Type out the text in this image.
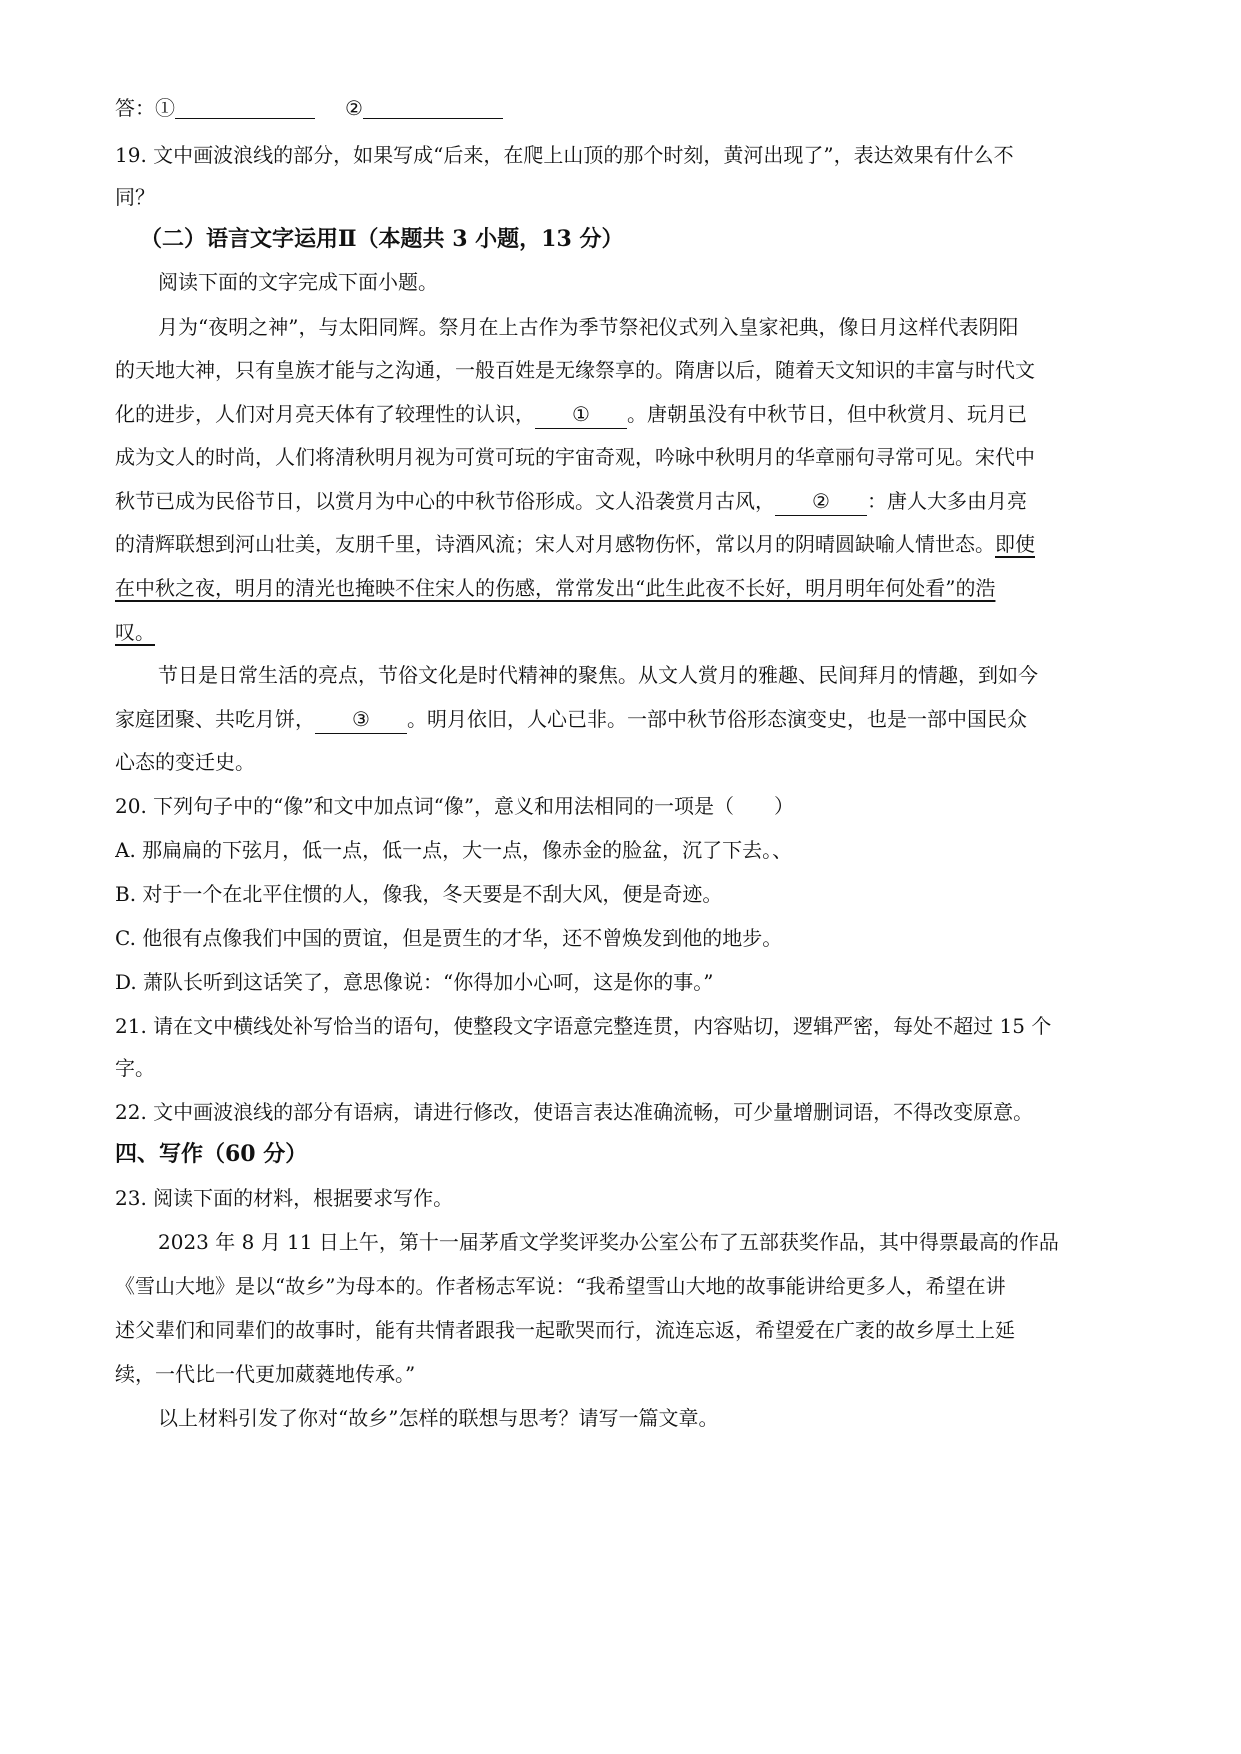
答：①	②
19. 文中画波浪线的部分，如果写成“后来，在爬上山顶的那个时刻，黄河出现了”，表达效果有什么不
同？
（二）语言文字运用Ⅱ（本题共 3 小题，13 分）
阅读下面的文字完成下面小题。
月为“夜明之神”，与太阳同辉。祭月在上古作为季节祭祀仪式列入皇家祀典，像日月这样代表阴阳
的天地大神，只有皇族才能与之沟通，一般百姓是无缘祭享的。隋唐以后，随着天文知识的丰富与时代文
化的进步，人们对月亮天体有了较理性的认识， ① 。唐朝虽没有中秋节日，但中秋赏月、玩月已
成为文人的时尚，人们将清秋明月视为可赏可玩的宇宙奇观，吟咏中秋明月的华章丽句寻常可见。宋代中
秋节已成为民俗节日，以赏月为中心的中秋节俗形成。文人沿袭赏月古风， ② ：唐人大多由月亮
的清辉联想到河山壮美，友朋千里，诗酒风流；宋人对月感物伤怀，常以月的阴晴圆缺喻人情世态。即使
在中秋之夜，明月的清光也掩映不住宋人的伤感，常常发出“此生此夜不长好，明月明年何处看”的浩
叹。
节日是日常生活的亮点，节俗文化是时代精神的聚焦。从文人赏月的雅趣、民间拜月的情趣，到如今
家庭团聚、共吃月饼， ③ 。明月依旧，人心已非。一部中秋节俗形态演变史，也是一部中国民众
心态的变迁史。
20. 下列句子中的“像”和文中加点词“像”，意义和用法相同的一项是（　　）
A. 那扁扁的下弦月，低一点，低一点，大一点，像赤金的脸盆，沉了下去。、
B. 对于一个在北平住惯的人，像我，冬天要是不刮大风，便是奇迹。
C. 他很有点像我们中国的贾谊，但是贾生的才华，还不曾焕发到他的地步。
D. 萧队长听到这话笑了，意思像说：“你得加小心呵，这是你的事。”
21. 请在文中横线处补写恰当的语句，使整段文字语意完整连贯，内容贴切，逻辑严密，每处不超过 15 个
字。
22. 文中画波浪线的部分有语病，请进行修改，使语言表达准确流畅，可少量增删词语，不得改变原意。
四、写作（60 分）
23. 阅读下面的材料，根据要求写作。
2023 年 8 月 11 日上午，第十一届茅盾文学奖评奖办公室公布了五部获奖作品，其中得票最高的作品
《雪山大地》是以“故乡”为母本的。作者杨志军说：“我希望雪山大地的故事能讲给更多人，希望在讲
述父辈们和同辈们的故事时，能有共情者跟我一起歌哭而行，流连忘返，希望爱在广袤的故乡厚土上延
续，一代比一代更加葳蕤地传承。”
以上材料引发了你对“故乡”怎样的联想与思考？请写一篇文章。
